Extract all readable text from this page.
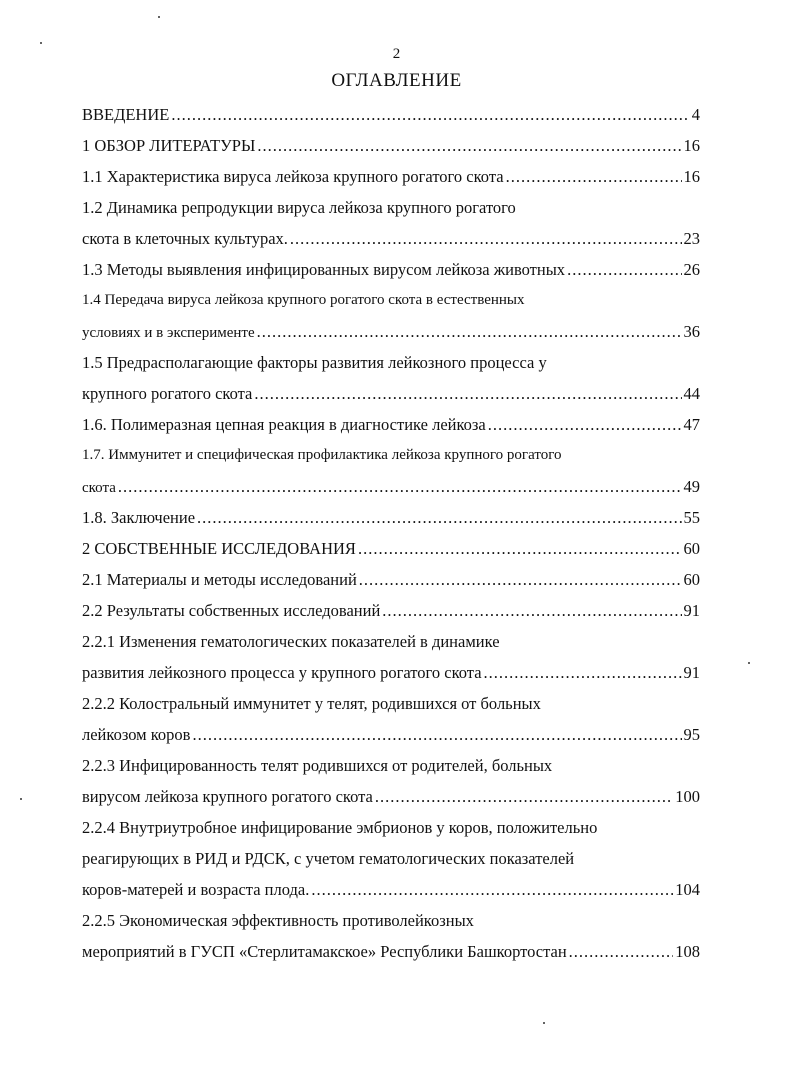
2
ОГЛАВЛЕНИЕ
ВВЕДЕНИЕ .....	4
1 ОБЗОР ЛИТЕРАТУРЫ .....	16
1.1 Характеристика вируса лейкоза крупного рогатого скота .....	16
1.2 Динамика репродукции вируса лейкоза крупного рогатого
скота в клеточных культурах. .....	23
1.3 Методы выявления инфицированных вирусом лейкоза животных .....	26
1.4 Передача вируса лейкоза крупного рогатого скота в естественных
условиях и в эксперименте .....	36
1.5 Предрасполагающие факторы развития лейкозного процесса у
крупного рогатого скота .....	44
1.6. Полимеразная цепная реакция в диагностике лейкоза .....	47
1.7. Иммунитет и специфическая профилактика лейкоза крупного рогатого
скота .....	49
1.8. Заключение .....	55
2 СОБСТВЕННЫЕ ИССЛЕДОВАНИЯ .....	60
2.1 Материалы и методы исследований .....	60
2.2 Результаты собственных исследований .....	91
2.2.1 Изменения гематологических показателей в динамике
развития лейкозного процесса у крупного рогатого скота .....	91
2.2.2 Колостральный иммунитет у телят, родившихся от больных
лейкозом коров .....	95
2.2.3 Инфицированность телят родившихся от родителей, больных
вирусом лейкоза крупного рогатого скота .....	100
2.2.4 Внутриутробное инфицирование эмбрионов у коров, положительно
реагирующих в РИД и РДСК, с учетом гематологических показателей
коров-матерей и возраста плода. .....	104
2.2.5 Экономическая эффективность противолейкозных
мероприятий в ГУСП «Стерлитамакское» Республики Башкортостан .....	108
